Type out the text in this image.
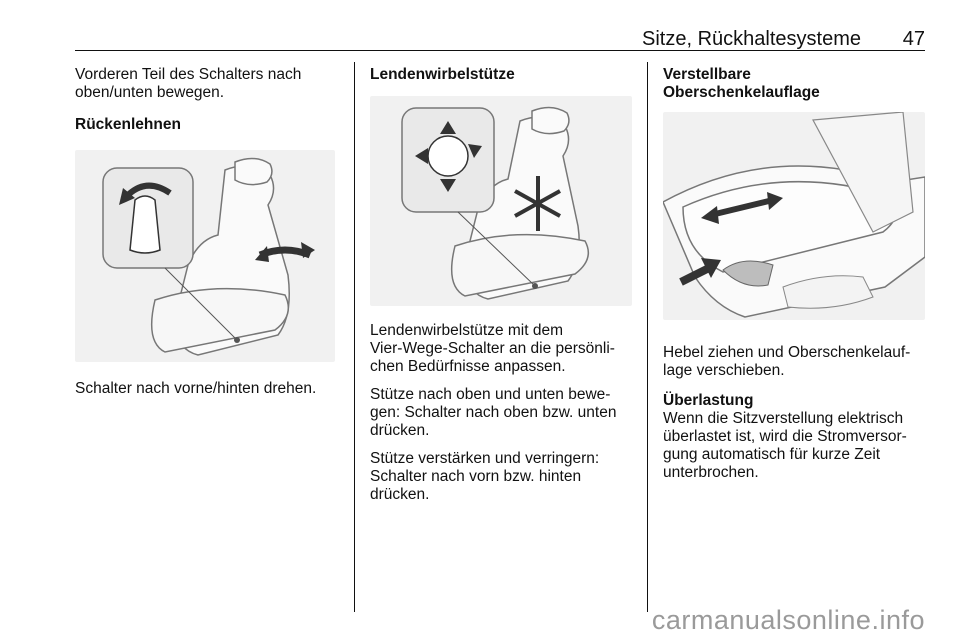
Sitze, Rückhaltesysteme 47

Vorderen Teil des Schalters nach

oben/unten bewegen.

Rückenlehnen

Schalter nach vorne/hinten drehen.

Lendenwirbelstütze

Lendenwirbelstütze mit dem

Vier-Wege-Schalter an die persönli-

chen Bedürfnisse anpassen.

Stütze nach oben und unten bewe-

gen: Schalter nach oben bzw. unten

drücken.

Stütze verstärken und verringern:

Schalter nach vorn bzw. hinten

drücken.

Verstellbare

Oberschenkelauflage

Hebel ziehen und Oberschenkelauf-

lage verschieben.

Überlastung

Wenn die Sitzverstellung elektrisch

überlastet ist, wird die Stromversor-

gung automatisch für kurze Zeit

unterbrochen.

carmanualsonline.info
